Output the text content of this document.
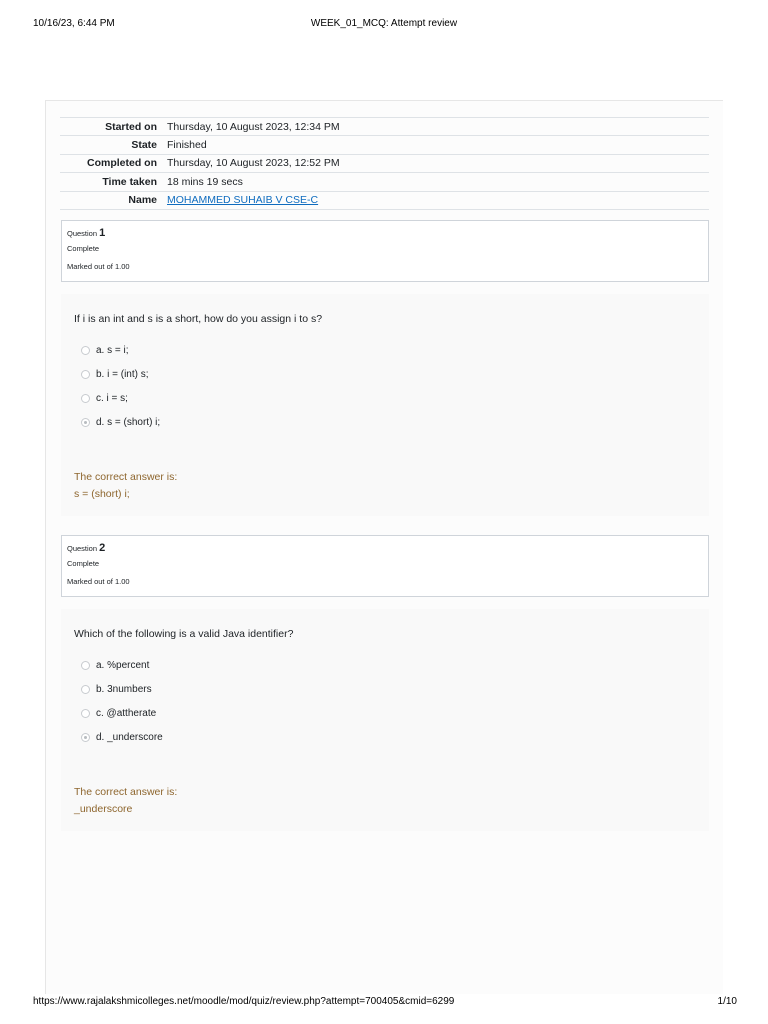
10/16/23, 6:44 PM	WEEK_01_MCQ: Attempt review
Started on	Thursday, 10 August 2023, 12:34 PM
State	Finished
Completed on	Thursday, 10 August 2023, 12:52 PM
Time taken	18 mins 19 secs
Name	MOHAMMED SUHAIB V CSE-C
Question 1
Complete
Marked out of 1.00
If i is an int and s is a short, how do you assign i to s?
a. s = i;
b. i = (int) s;
c. i = s;
d. s = (short) i;
The correct answer is:
s = (short) i;
Question 2
Complete
Marked out of 1.00
Which of the following is a valid Java identifier?
a. %percent
b. 3numbers
c. @attherate
d. _underscore
The correct answer is:
_underscore
https://www.rajalakshmicolleges.net/moodle/mod/quiz/review.php?attempt=700405&cmid=6299	1/10
